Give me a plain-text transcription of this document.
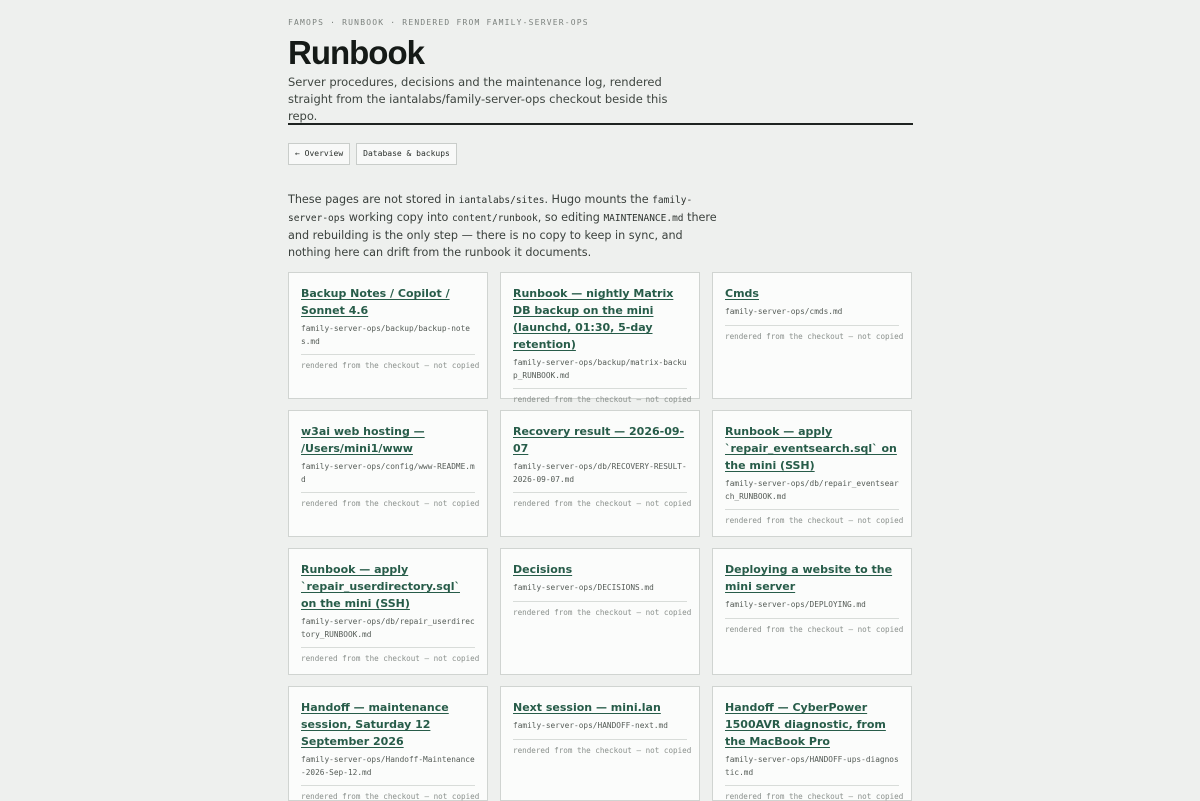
FAMOPS · RUNBOOK · RENDERED FROM FAMILY-SERVER-OPS
Runbook

Server procedures, decisions and the maintenance log, rendered straight from the iantalabs/family-server-ops checkout beside this repo.

← Overview	Database & backups

These pages are not stored in iantalabs/sites. Hugo mounts the family-server-ops working copy into content/runbook, so editing MAINTENANCE.md there and rebuilding is the only step — there is no copy to keep in sync, and nothing here can drift from the runbook it documents.

Backup Notes / Copilot / Sonnet 4.6
family-server-ops/backup/backup-notes.md
rendered from the checkout — not copied
Runbook — nightly Matrix DB backup on the mini (launchd, 01:30, 5-day retention)
family-server-ops/backup/matrix-backup_RUNBOOK.md
rendered from the checkout — not copied
Cmds
family-server-ops/cmds.md
rendered from the checkout — not copied
w3ai web hosting — /Users/mini1/www
family-server-ops/config/www-README.md
rendered from the checkout — not copied
Recovery result — 2026-09-07
family-server-ops/db/RECOVERY-RESULT-2026-09-07.md
rendered from the checkout — not copied
Runbook — apply `repair_eventsearch.sql` on the mini (SSH)
family-server-ops/db/repair_eventsearch_RUNBOOK.md
rendered from the checkout — not copied
Runbook — apply `repair_userdirectory.sql` on the mini (SSH)
family-server-ops/db/repair_userdirectory_RUNBOOK.md
rendered from the checkout — not copied
Decisions
family-server-ops/DECISIONS.md
rendered from the checkout — not copied
Deploying a website to the mini server
family-server-ops/DEPLOYING.md
rendered from the checkout — not copied
Handoff — maintenance session, Saturday 12 September 2026
family-server-ops/Handoff-Maintenance-2026-Sep-12.md
rendered from the checkout — not copied
Next session — mini.lan
family-server-ops/HANDOFF-next.md
rendered from the checkout — not copied
Handoff — CyberPower 1500AVR diagnostic, from the MacBook Pro
family-server-ops/HANDOFF-ups-diagnostic.md
rendered from the checkout — not copied
